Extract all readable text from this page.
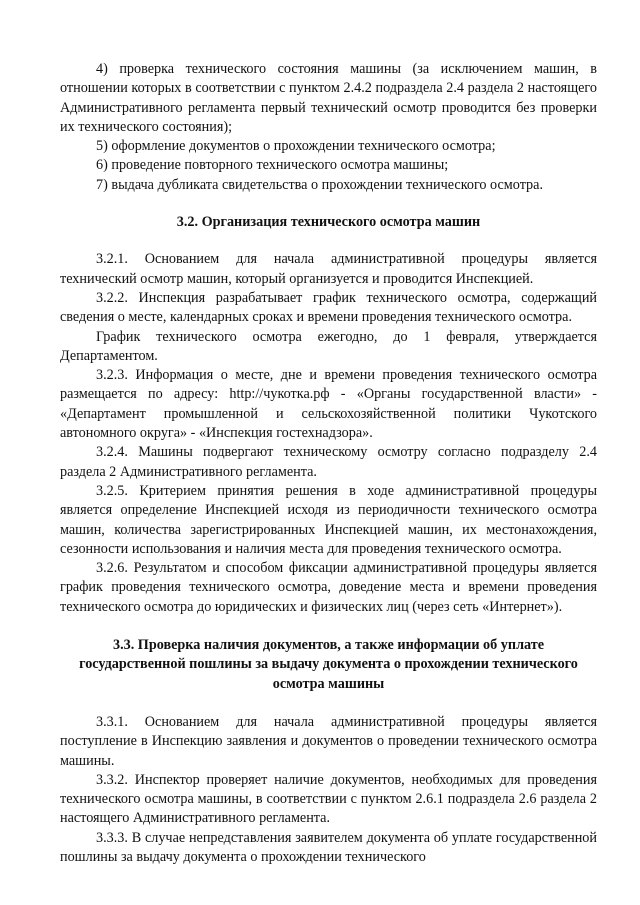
4) проверка технического состояния машины (за исключением машин, в отношении которых в соответствии с пунктом 2.4.2 подраздела 2.4 раздела 2 настоящего Административного регламента первый технический осмотр проводится без проверки их технического состояния);

5) оформление документов о прохождении технического осмотра;

6) проведение повторного технического осмотра машины;

7) выдача дубликата свидетельства о прохождении технического осмотра.

3.2. Организация технического осмотра машин

3.2.1. Основанием для начала административной процедуры является технический осмотр машин, который организуется и проводится Инспекцией.

3.2.2. Инспекция разрабатывает график технического осмотра, содержащий сведения о месте, календарных сроках и времени проведения технического осмотра.

График технического осмотра ежегодно, до 1 февраля, утверждается Департаментом.

3.2.3. Информация о месте, дне и времени проведения технического осмотра размещается по адресу: http://чукотка.рф - «Органы государственной власти» - «Департамент промышленной и сельскохозяйственной политики Чукотского автономного округа» - «Инспекция гостехнадзора».

3.2.4. Машины подвергают техническому осмотру согласно подразделу 2.4 раздела 2 Административного регламента.

3.2.5. Критерием принятия решения в ходе административной процедуры является определение Инспекцией исходя из периодичности технического осмотра машин, количества зарегистрированных Инспекцией машин, их местонахождения, сезонности использования и наличия места для проведения технического осмотра.

3.2.6. Результатом и способом фиксации административной процедуры является график проведения технического осмотра, доведение места и времени проведения технического осмотра до юридических и физических лиц (через сеть «Интернет»).

3.3. Проверка наличия документов, а также информации об уплате государственной пошлины за выдачу документа о прохождении технического осмотра машины

3.3.1. Основанием для начала административной процедуры является поступление в Инспекцию заявления и документов о проведении технического осмотра машины.

3.3.2. Инспектор проверяет наличие документов, необходимых для проведения технического осмотра машины, в соответствии с пунктом 2.6.1 подраздела 2.6 раздела 2 настоящего Административного регламента.

3.3.3. В случае непредставления заявителем документа об уплате государственной пошлины за выдачу документа о прохождении технического
